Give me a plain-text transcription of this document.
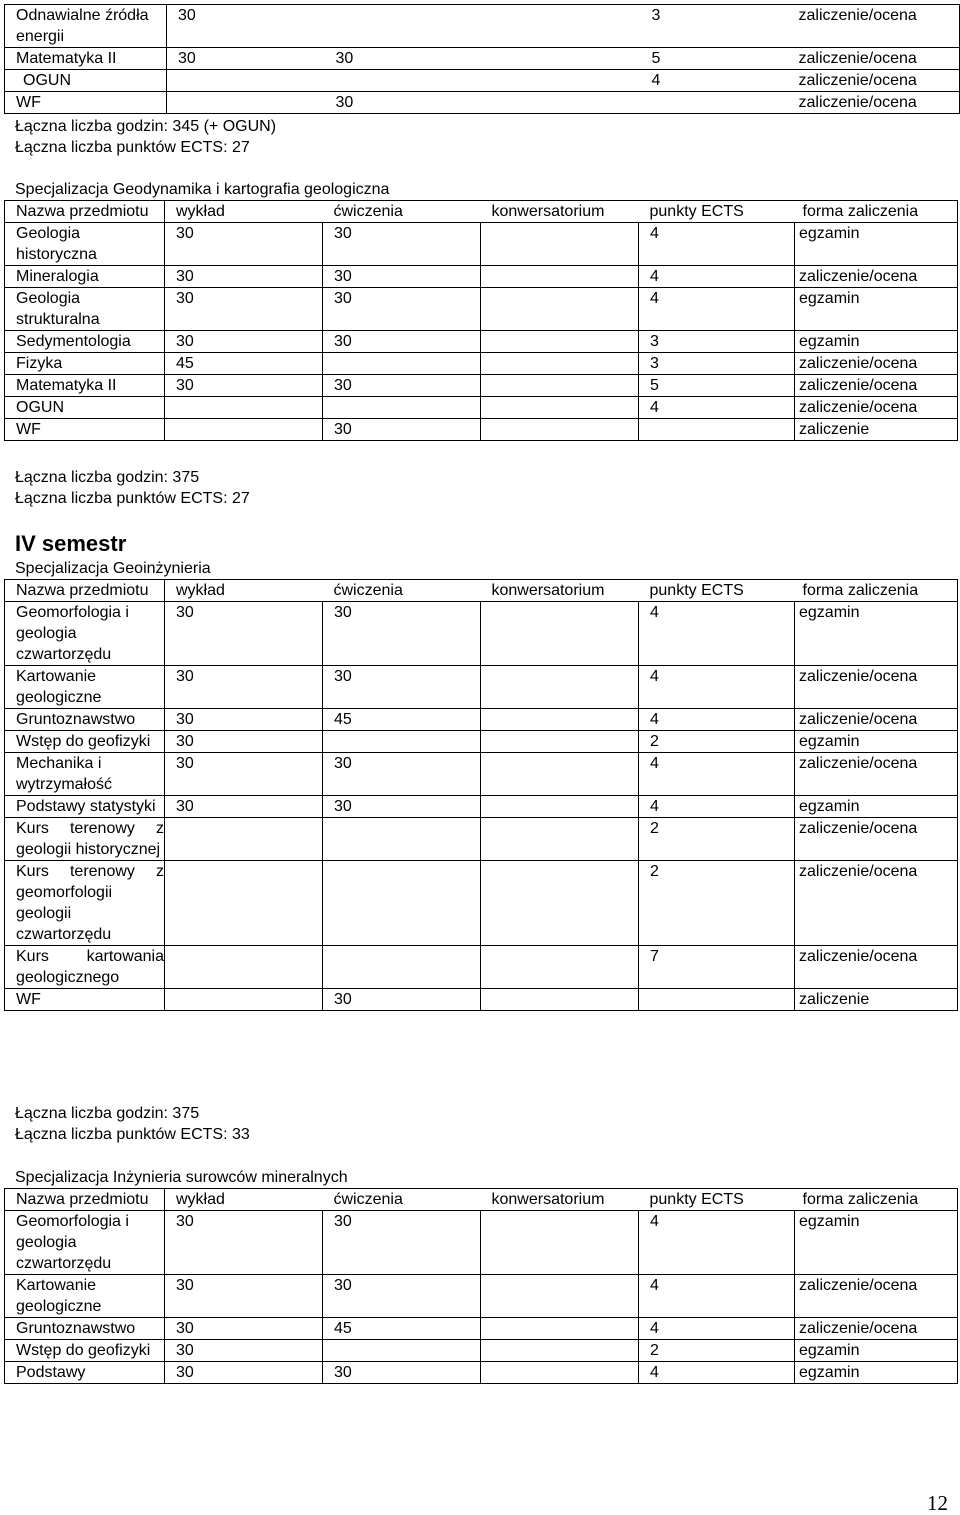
Odnawialne źródła energii	30			3	zaliczenie/ocena
Matematyka II	30	30		5	zaliczenie/ocena
OGUN				4	zaliczenie/ocena
WF		30			zaliczenie/ocena

Łączna liczba godzin: 345 (+ OGUN)

Łączna liczba punktów ECTS: 27

Specjalizacja Geodynamika i kartografia geologiczna

Nazwa przedmiotu	wykład	ćwiczenia	konwersatorium	punkty ECTS	forma zaliczenia
Geologia historyczna	30	30		4	egzamin
Mineralogia	30	30		4	zaliczenie/ocena
Geologia strukturalna	30	30		4	egzamin
Sedymentologia	30	30		3	egzamin
Fizyka	45			3	zaliczenie/ocena
Matematyka II	30	30		5	zaliczenie/ocena
OGUN				4	zaliczenie/ocena
WF		30			zaliczenie

Łączna liczba godzin: 375

Łączna liczba punktów ECTS: 27

IV semestr

Specjalizacja Geoinżynieria

Nazwa przedmiotu	wykład	ćwiczenia	konwersatorium	punkty ECTS	forma zaliczenia
Geomorfologia i geologia czwartorzędu	30	30		4	egzamin
Kartowanie geologiczne	30	30		4	zaliczenie/ocena
Gruntoznawstwo	30	45		4	zaliczenie/ocena
Wstęp do geofizyki	30			2	egzamin
Mechanika i wytrzymałość	30	30		4	zaliczenie/ocena
Podstawy statystyki	30	30		4	egzamin
Kurs terenowy z geologii historycznej				2	zaliczenie/ocena
Kurs terenowy z geomorfologii geologii czwartorzędu				2	zaliczenie/ocena
Kurs kartowania geologicznego				7	zaliczenie/ocena
WF		30			zaliczenie

Łączna liczba godzin: 375

Łączna liczba punktów ECTS: 33

Specjalizacja Inżynieria surowców mineralnych

Nazwa przedmiotu	wykład	ćwiczenia	konwersatorium	punkty ECTS	forma zaliczenia
Geomorfologia i geologia czwartorzędu	30	30		4	egzamin
Kartowanie geologiczne	30	30		4	zaliczenie/ocena
Gruntoznawstwo	30	45		4	zaliczenie/ocena
Wstęp do geofizyki	30			2	egzamin
Podstawy	30	30		4	egzamin
12
